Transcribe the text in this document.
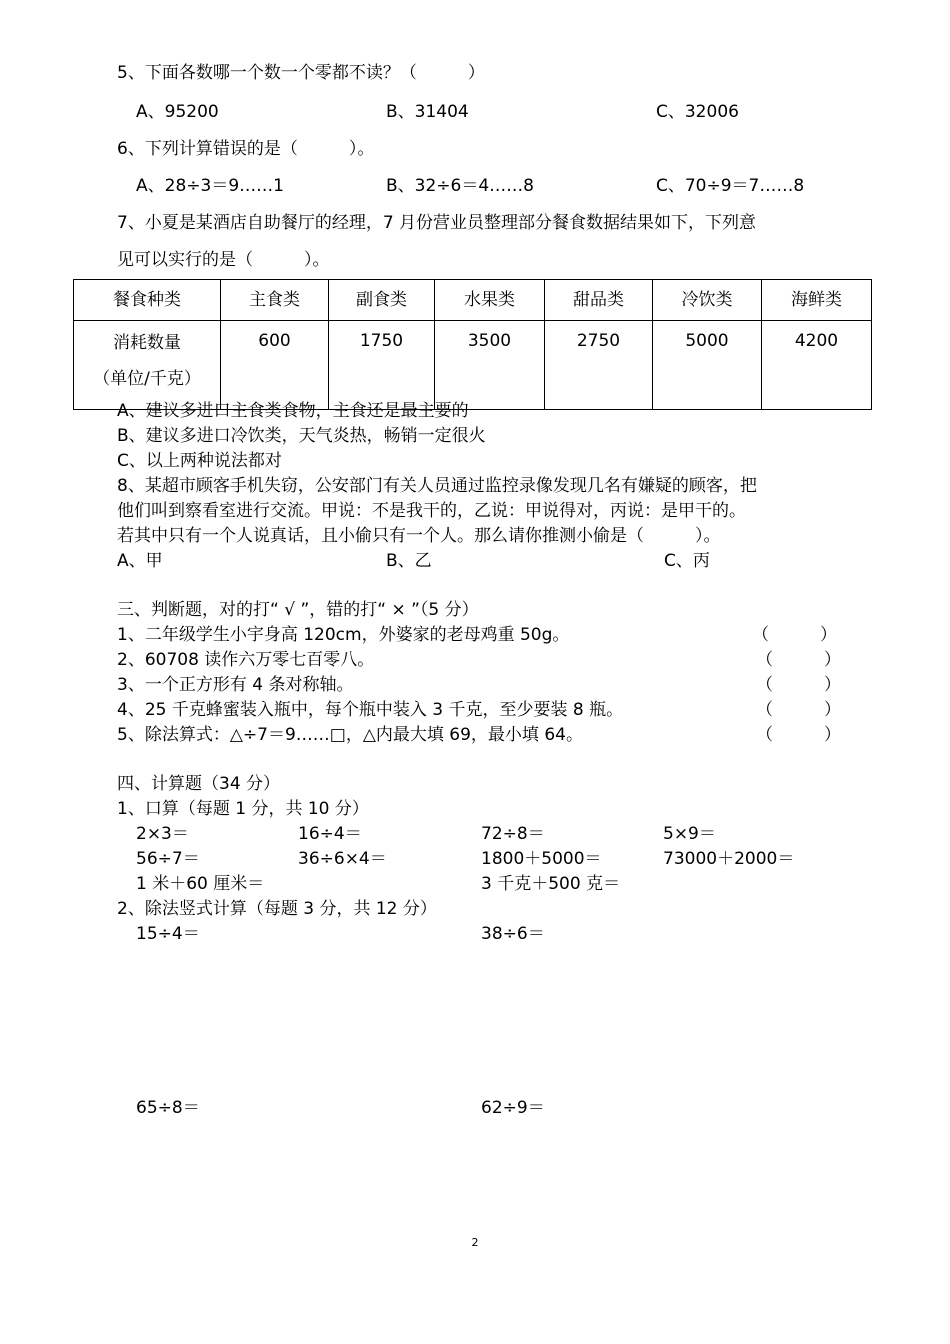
5、下面各数哪一个数一个零都不读？（　　　）
A、95200	B、31404	C、32006
6、下列计算错误的是（　　　）。
A、28÷3＝9……1	B、32÷6＝4……8	C、70÷9＝7……8
7、小夏是某酒店自助餐厅的经理，7 月份营业员整理部分餐食数据结果如下，下列意
见可以实行的是（　　　）。
餐食种类	主食类	副食类	水果类	甜品类	冷饮类	海鲜类

消耗数量
（单位/千克）	600	1750	3500	2750	5000	4200
A、建议多进口主食类食物，主食还是最主要的
B、建议多进口冷饮类，天气炎热，畅销一定很火
C、以上两种说法都对
8、某超市顾客手机失窃，公安部门有关人员通过监控录像发现几名有嫌疑的顾客，把
他们叫到察看室进行交流。甲说：不是我干的，乙说：甲说得对，丙说：是甲干的。
若其中只有一个人说真话，且小偷只有一个人。那么请你推测小偷是（　　　）。
A、甲	B、乙	C、丙
三、判断题，对的打“ √ ”，错的打“ × ”（5 分）
1、二年级学生小宇身高 120cm，外婆家的老母鸡重 50g。	（　　　）
2、60708 读作六万零七百零八。	（　　　）
3、一个正方形有 4 条对称轴。	（　　　）
4、25 千克蜂蜜装入瓶中，每个瓶中装入 3 千克，至少要装 8 瓶。	（　　　）
5、除法算式：△÷7＝9……□，△内最大填 69，最小填 64。	（　　　）
四、计算题（34 分）
1、口算（每题 1 分，共 10 分）
2×3＝	16÷4＝	72÷8＝	5×9＝
56÷7＝	36÷6×4＝	1800＋5000＝	73000＋2000＝
1 米＋60 厘米＝	3 千克＋500 克＝
2、除法竖式计算（每题 3 分，共 12 分）
15÷4＝	38÷6＝
65÷8＝	62÷9＝
2
